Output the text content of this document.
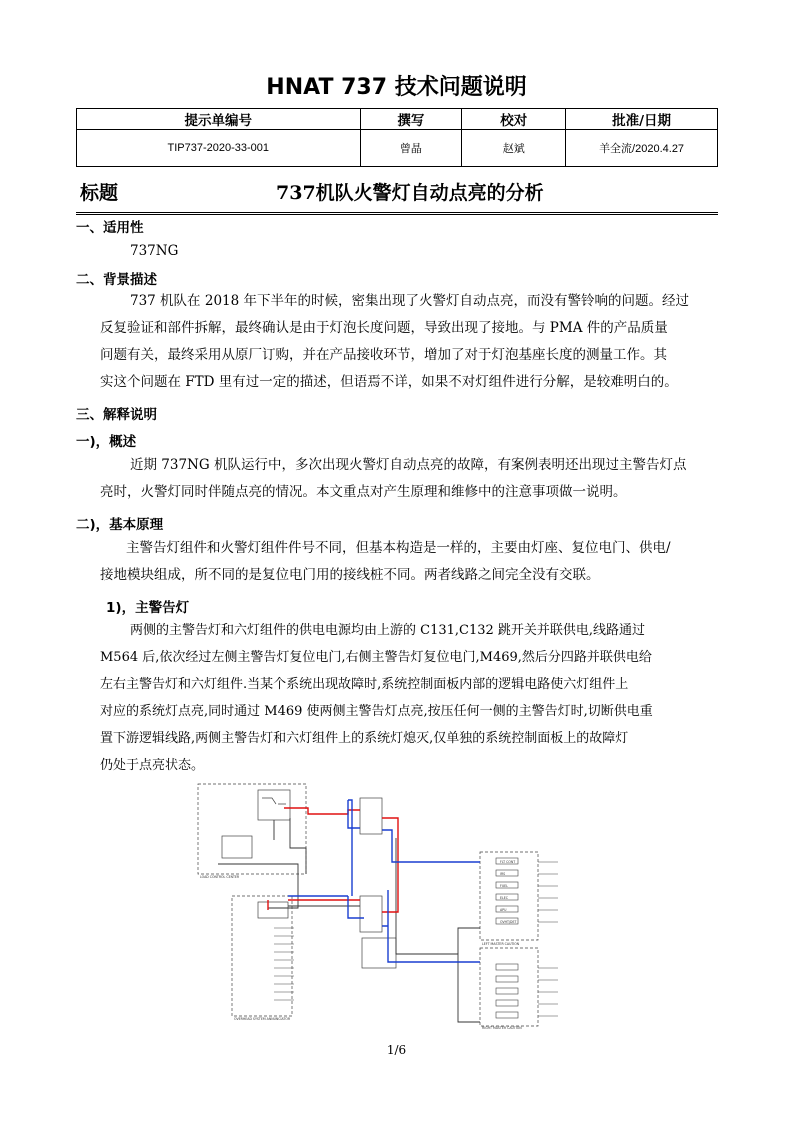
HNAT 737 技术问题说明
提示单编号	撰写	校对	批准/日期
TIP737-2020-33-001	曾晶	赵斌	羊全流/2020.4.27
标题	737机队火警灯自动点亮的分析
一、适用性
737NG
二、背景描述
737 机队在 2018 年下半年的时候，密集出现了火警灯自动点亮，而没有警铃响的问题。经过
反复验证和部件拆解，最终确认是由于灯泡长度问题，导致出现了接地。与 PMA 件的产品质量
问题有关，最终采用从原厂订购，并在产品接收环节，增加了对于灯泡基座长度的测量工作。其
实这个问题在 FTD 里有过一定的描述，但语焉不详，如果不对灯组件进行分解，是较难明白的。
三、解释说明
一)，概述
近期 737NG 机队运行中，多次出现火警灯自动点亮的故障，有案例表明还出现过主警告灯点
亮时，火警灯同时伴随点亮的情况。本文重点对产生原理和维修中的注意事项做一说明。
二)，基本原理
主警告灯组件和火警灯组件件号不同，但基本构造是一样的，主要由灯座、复位电门、供电/
接地模块组成，所不同的是复位电门用的接线桩不同。两者线路之间完全没有交联。
1)，主警告灯
两侧的主警告灯和六灯组件的供电电源均由上游的 C131,C132 跳开关并联供电,线路通过
M564 后,依次经过左侧主警告灯复位电门,右侧主警告灯复位电门,M469,然后分四路并联供电给
左右主警告灯和六灯组件.当某个系统出现故障时,系统控制面板内部的逻辑电路使六灯组件上
对应的系统灯点亮,同时通过 M469 使两侧主警告灯点亮,按压任何一侧的主警告灯时,切断供电重
置下游逻辑线路,两侧主警告灯和六灯组件上的系统灯熄灭,仅单独的系统控制面板上的故障灯
仍处于点亮状态。
LOAD CONTROL CENTER
OVERHEAD SYSTEM ANNUNCIATOR
LEFT MASTER CAUTION
RIGHT MASTER CAUTION
FLT CONT
IRS
FUEL
ELEC
APU
OVHT/DET
1/6
